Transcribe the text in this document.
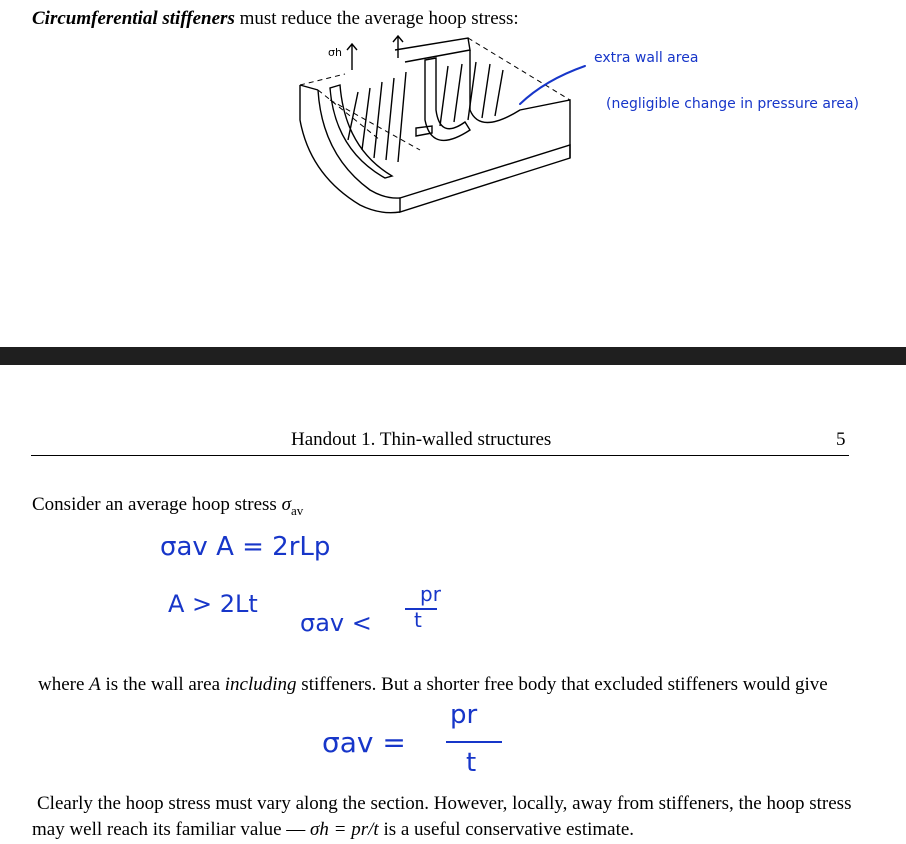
Circumferential stiffeners must reduce the average hoop stress:
σh	extra wall area
(negligible change in pressure area)
Handout 1. Thin-walled structures	5
Consider an average hoop stress $\sigma_{av}$
σav A = 2rLp
A > 2Lt
σav <
pr
t
where A is the wall area including stiffeners. But a shorter free body that excluded stiffeners would give
σav =
pr
t
Clearly the hoop stress must vary along the section. However, locally, away from stiffeners, the hoop stress may well reach its familiar value — σh = pr/t is a useful conservative estimate.
